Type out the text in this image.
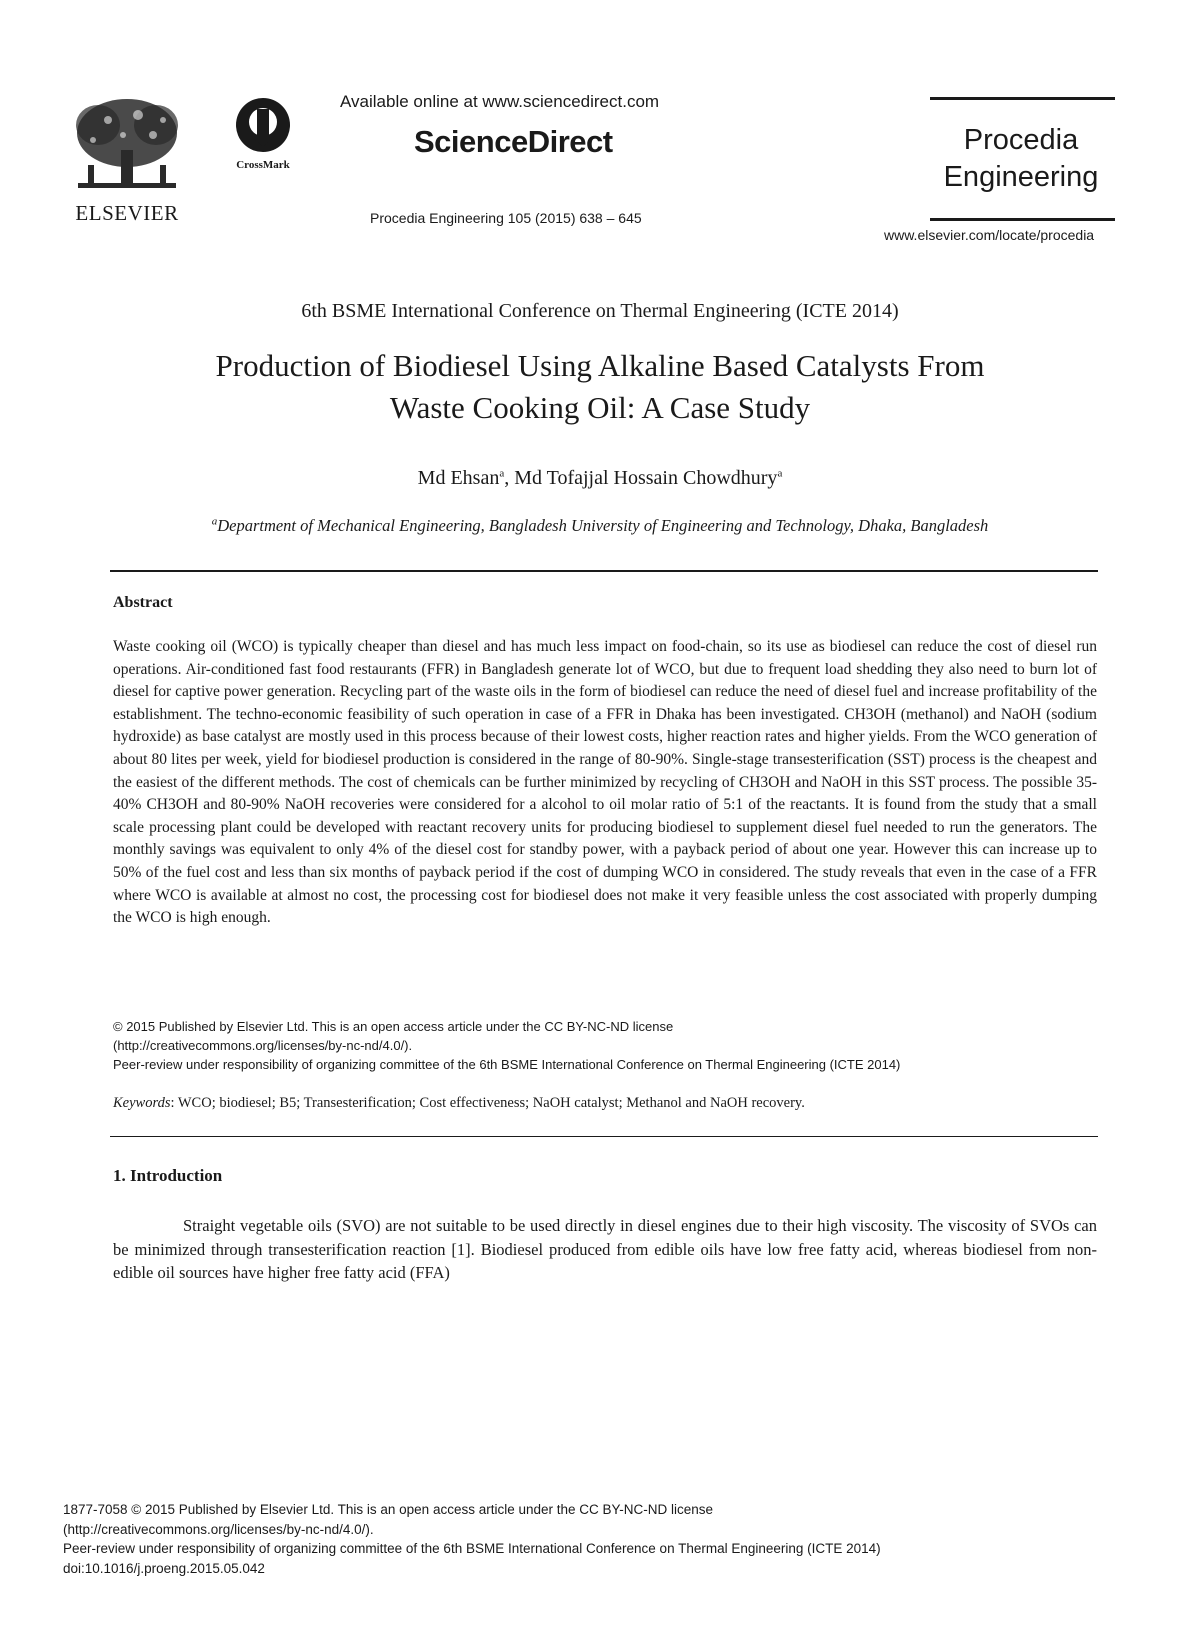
ELSEVIER
CrossMark
Available online at www.sciencedirect.com
ScienceDirect
Procedia Engineering 105 (2015) 638 – 645
Procedia
Engineering
www.elsevier.com/locate/procedia
6th BSME International Conference on Thermal Engineering (ICTE 2014)
Production of Biodiesel Using Alkaline Based Catalysts From
Waste Cooking Oil: A Case Study
Md Ehsan$^a$, Md Tofajjal Hossain Chowdhury$^a$
$^a$Department of Mechanical Engineering, Bangladesh University of Engineering and Technology, Dhaka, Bangladesh
Abstract
Waste cooking oil (WCO) is typically cheaper than diesel and has much less impact on food-chain, so its use as biodiesel can reduce the cost of diesel run operations. Air-conditioned fast food restaurants (FFR) in Bangladesh generate lot of WCO, but due to frequent load shedding they also need to burn lot of diesel for captive power generation. Recycling part of the waste oils in the form of biodiesel can reduce the need of diesel fuel and increase profitability of the establishment. The techno-economic feasibility of such operation in case of a FFR in Dhaka has been investigated. CH3OH (methanol) and NaOH (sodium hydroxide) as base catalyst are mostly used in this process because of their lowest costs, higher reaction rates and higher yields. From the WCO generation of about 80 lites per week, yield for biodiesel production is considered in the range of 80-90%. Single-stage transesterification (SST) process is the cheapest and the easiest of the different methods. The cost of chemicals can be further minimized by recycling of CH3OH and NaOH in this SST process. The possible 35-40% CH3OH and 80-90% NaOH recoveries were considered for a alcohol to oil molar ratio of 5:1 of the reactants. It is found from the study that a small scale processing plant could be developed with reactant recovery units for producing biodiesel to supplement diesel fuel needed to run the generators. The monthly savings was equivalent to only 4% of the diesel cost for standby power, with a payback period of about one year. However this can increase up to 50% of the fuel cost and less than six months of payback period if the cost of dumping WCO in considered. The study reveals that even in the case of a FFR where WCO is available at almost no cost, the processing cost for biodiesel does not make it very feasible unless the cost associated with properly dumping the WCO is high enough.
© 2015 Published by Elsevier Ltd. This is an open access article under the CC BY-NC-ND license
(http://creativecommons.org/licenses/by-nc-nd/4.0/).
Peer-review under responsibility of organizing committee of the 6th BSME International Conference on Thermal Engineering (ICTE 2014)
Keywords: WCO; biodiesel; B5; Transesterification; Cost effectiveness; NaOH catalyst; Methanol and NaOH recovery.
1. Introduction
Straight vegetable oils (SVO) are not suitable to be used directly in diesel engines due to their high viscosity. The viscosity of SVOs can be minimized through transesterification reaction [1]. Biodiesel produced from edible oils have low free fatty acid, whereas biodiesel from non-edible oil sources have higher free fatty acid (FFA)
1877-7058 © 2015 Published by Elsevier Ltd. This is an open access article under the CC BY-NC-ND license
(http://creativecommons.org/licenses/by-nc-nd/4.0/).
Peer-review under responsibility of organizing committee of the 6th BSME International Conference on Thermal Engineering (ICTE 2014)
doi:10.1016/j.proeng.2015.05.042
